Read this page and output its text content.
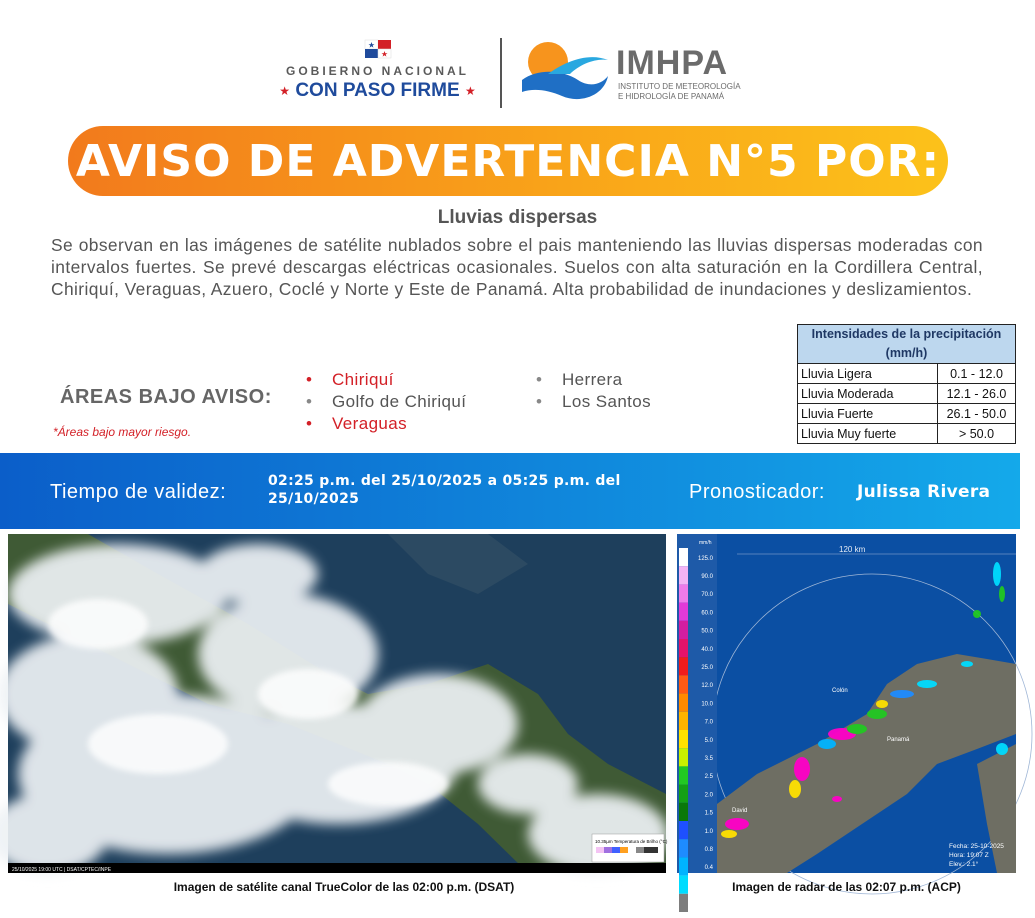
GOBIERNO NACIONAL
★ CON PASO FIRME ★
IMHPA
INSTITUTO DE METEOROLOGÍA
E HIDROLOGÍA DE PANAMÁ
AVISO DE ADVERTENCIA N°5 POR:
Lluvias dispersas
Se observan en las imágenes de satélite nublados sobre el pais manteniendo las lluvias dispersas moderadas con intervalos fuertes. Se prevé descargas eléctricas ocasionales. Suelos con alta saturación en la Cordillera Central, Chiriquí, Veraguas, Azuero, Coclé y Norte y Este de Panamá. Alta probabilidad de inundaciones y deslizamientos.
ÁREAS BAJO AVISO:
*Áreas bajo mayor riesgo.
• Chiriquí
• Golfo de Chiriquí
• Veraguas
• Herrera
• Los Santos
Intensidades de la precipitación (mm/h)	
Lluvia Ligera	0.1 - 12.0
Lluvia Moderada	12.1 - 26.0
Lluvia Fuerte	26.1 - 50.0
Lluvia Muy fuerte	> 50.0
Tiempo de validez:	02:25 p.m. del 25/10/2025 a 05:25 p.m. del 25/10/2025	Pronosticador: Julissa Rivera
25/10/2025 19:00 UTC | DSAT/CPTEC/INPE
10.35µm Temperatura de Brilho (°C)
120 km
Colón
Panamá
David
mm/h
125.0
90.0
70.0
60.0
50.0
40.0
25.0
12.0
10.0
7.0
5.0
3.5
2.5
2.0
1.5
1.0
0.8
0.4
0.1
0.0
Fecha: 25-10-2025
Hora: 19:07 Z
Elev.: 2.1°
Imagen de satélite canal TrueColor de las 02:00 p.m. (DSAT)	Imagen de radar de las 02:07 p.m. (ACP)
